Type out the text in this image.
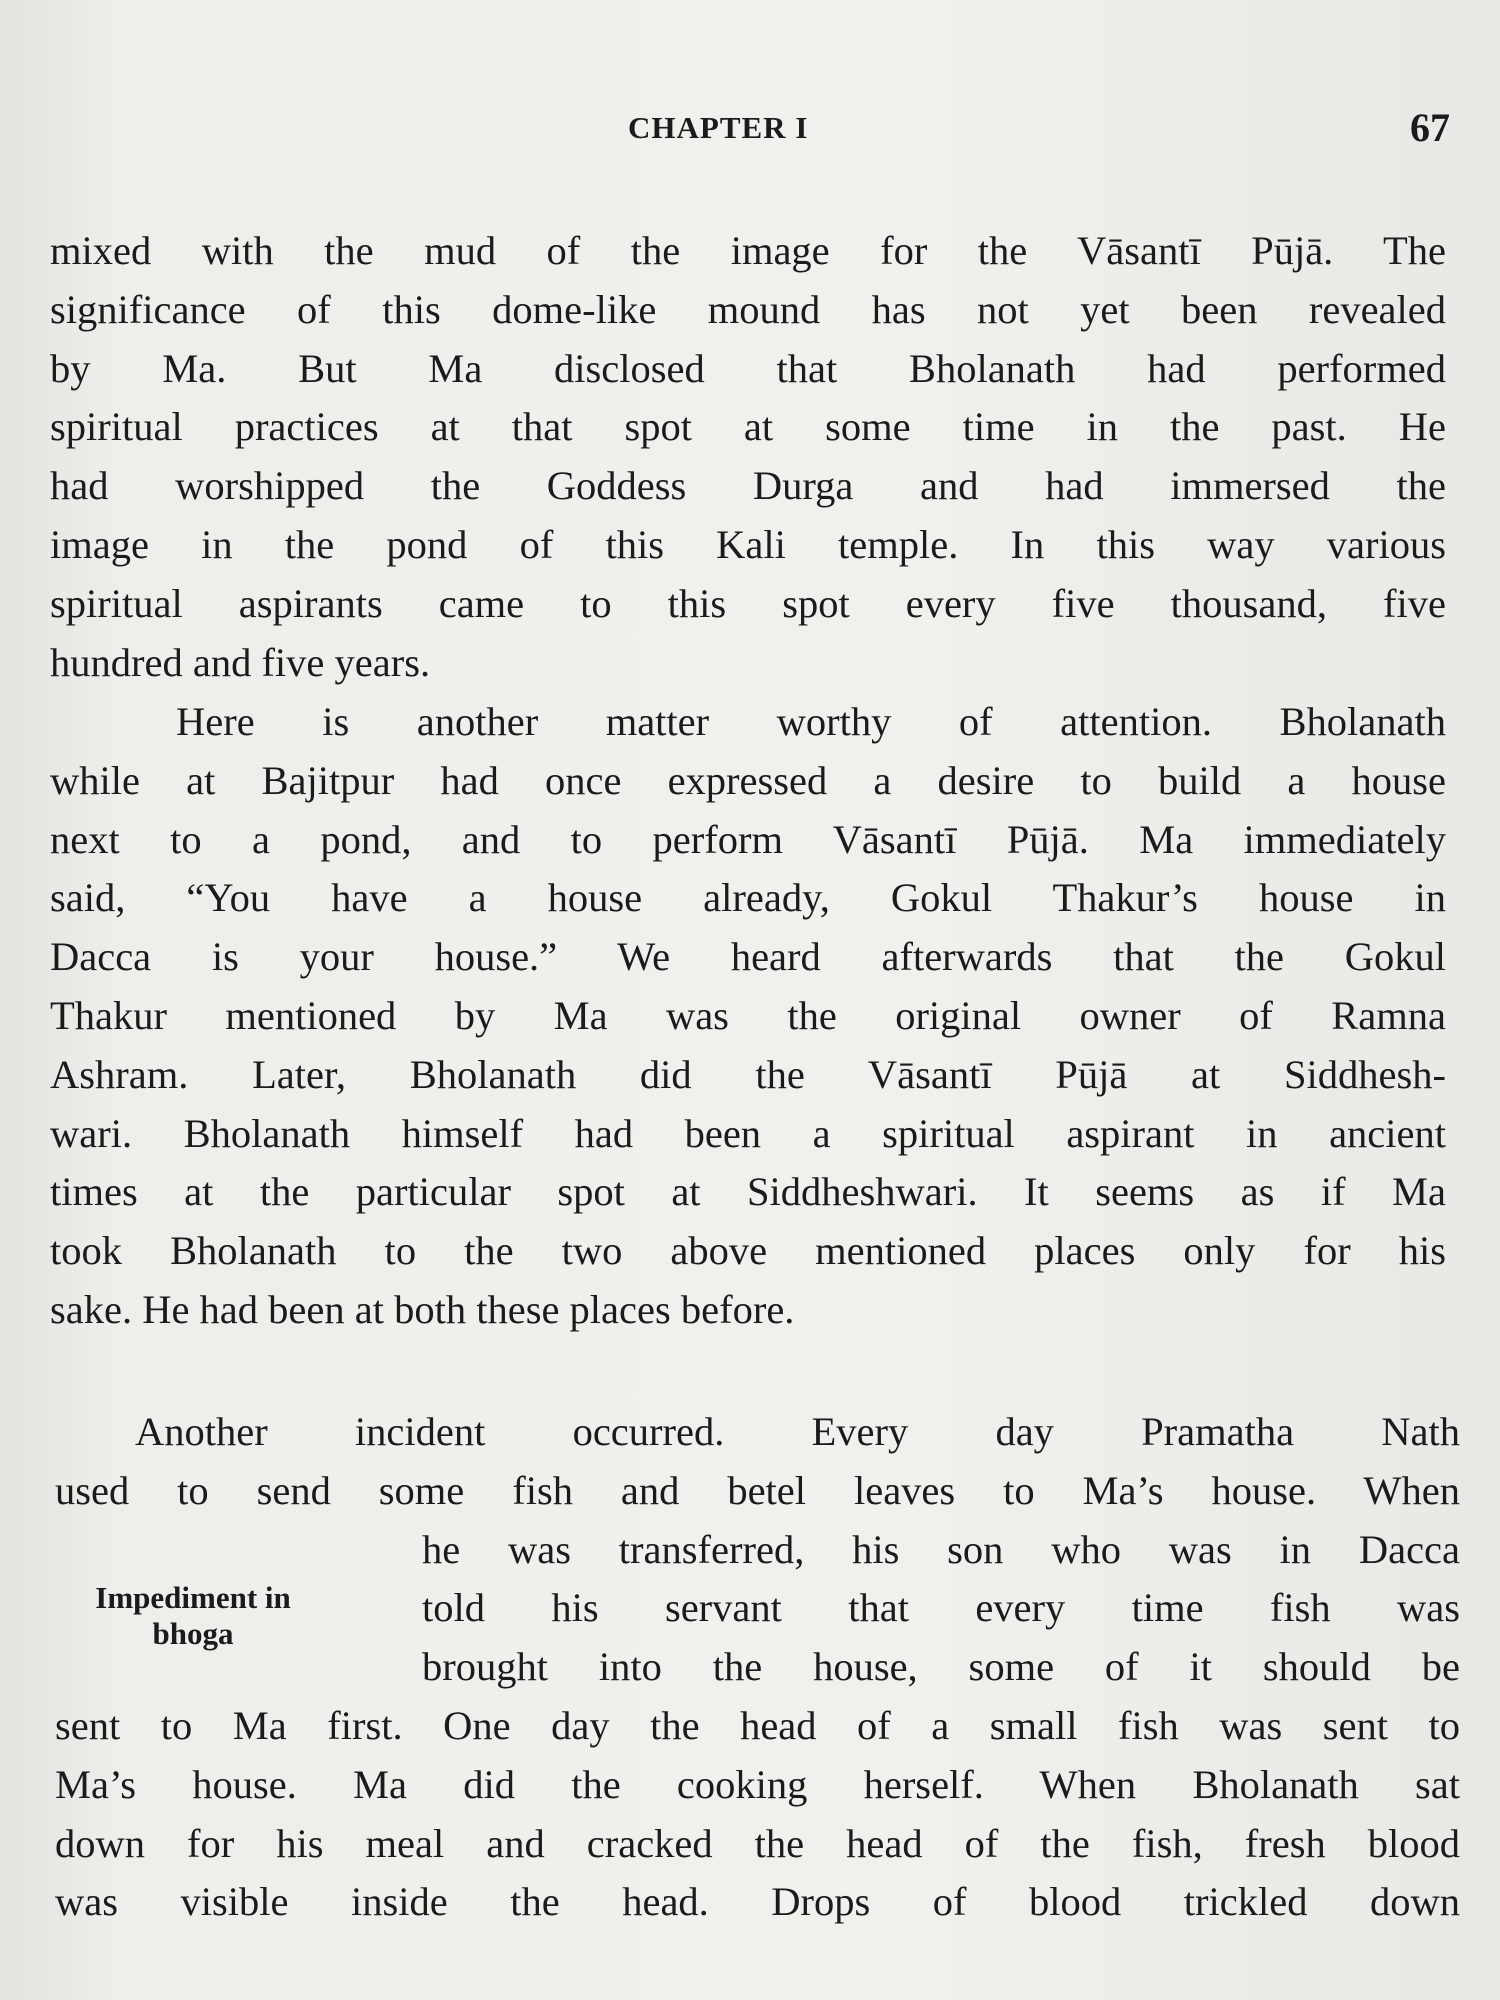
CHAPTER I	67
mixed with the mud of the image for the Vāsantī Pūjā. The
significance of this dome-like mound has not yet been revealed
by Ma. But Ma disclosed that Bholanath had performed
spiritual practices at that spot at some time in the past. He
had worshipped the Goddess Durga and had immersed the
image in the pond of this Kali temple. In this way various
spiritual aspirants came to this spot every five thousand, five
hundred and five years.
Here is another matter worthy of attention. Bholanath
while at Bajitpur had once expressed a desire to build a house
next to a pond, and to perform Vāsantī Pūjā. Ma immediately
said, “You have a house already, Gokul Thakur’s house in
Dacca is your house.” We heard afterwards that the Gokul
Thakur mentioned by Ma was the original owner of Ramna
Ashram. Later, Bholanath did the Vāsantī Pūjā at Siddhesh-
wari. Bholanath himself had been a spiritual aspirant in ancient
times at the particular spot at Siddheshwari. It seems as if Ma
took Bholanath to the two above mentioned places only for his
sake. He had been at both these places before.
Another incident occurred. Every day Pramatha Nath
used to send some fish and betel leaves to Ma’s house. When
he was transferred, his son who was in Dacca
told his servant that every time fish was
brought into the house, some of it should be
sent to Ma first. One day the head of a small fish was sent to
Ma’s house. Ma did the cooking herself. When Bholanath sat
down for his meal and cracked the head of the fish, fresh blood
was visible inside the head. Drops of blood trickled down
Impediment in
bhoga
